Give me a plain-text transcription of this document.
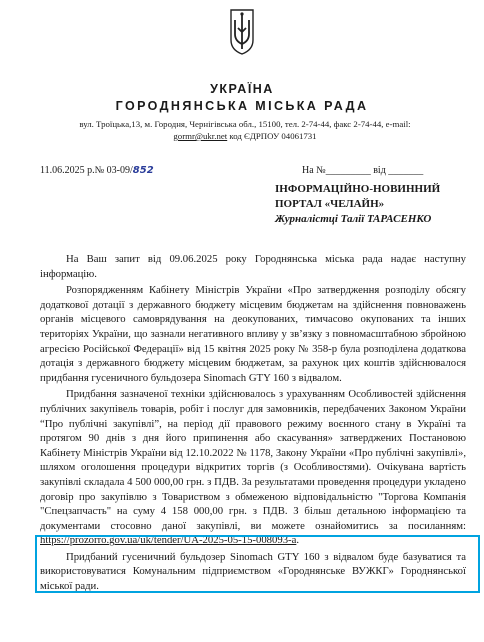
УКРАЇНА
ГОРОДНЯНСЬКА МІСЬКА РАДА
вул. Троїцька,13, м. Городня, Чернігівська обл., 15100, тел. 2-74-44, факс 2-74-44, e-mail:
gormr@ukr.net код ЄДРПОУ 04061731
11.06.2025 р.№ 03-09/852	На №_________ від _______
ІНФОРМАЦІЙНО-НОВИННИЙ
ПОРТАЛ «ЧЕЛАЙН»
Журналістці Талії ТАРАСЕНКО

На Ваш запит від 09.06.2025 року Городнянська міська рада надає наступну інформацію.

Розпорядженням Кабінету Міністрів України «Про затвердження розподілу обсягу додаткової дотації з державного бюджету місцевим бюджетам на здійснення повноважень органів місцевого самоврядування на деокупованих, тимчасово окупованих та інших територіях України, що зазнали негативного впливу у зв’язку з повномасштабною збройною агресією Російської Федерації» від 15 квітня 2025 року № 358-р була розподілена додаткова дотація з державного бюджету місцевим бюджетам, за рахунок цих коштів здійснювалося придбання гусеничного бульдозера Sinomach GTY 160 з відвалом.

Придбання зазначеної техніки здійснювалось з урахуванням Особливостей здійснення публічних закупівель товарів, робіт і послуг для замовників, передбачених Законом України “Про публічні закупівлі”, на період дії правового режиму воєнного стану в Україні та протягом 90 днів з дня його припинення або скасування» затверджених Постановою Кабінету Міністрів України від 12.10.2022 № 1178, Закону України «Про публічні закупівлі», шляхом оголошення процедури відкритих торгів (з Особливостями). Очікувана вартість закупівлі складала 4 500 000,00 грн. з ПДВ. За результатами проведення процедури укладено договір про закупівлю з Товариством з обмеженою відповідальністю "Торгова Компанія "Спецзапчасть" на суму 4 158 000,00 грн. з ПДВ. З більш детальною інформацією та документами стосовно даної закупівлі, ви можете ознайомитись за посиланням: https://prozorro.gov.ua/uk/tender/UA-2025-05-15-008093-a.

Придбаний гусеничний бульдозер Sinomach GTY 160 з відвалом буде базуватися та використовуватися Комунальним підприємством «Городнянське ВУЖКГ» Городнянської міської ради.
